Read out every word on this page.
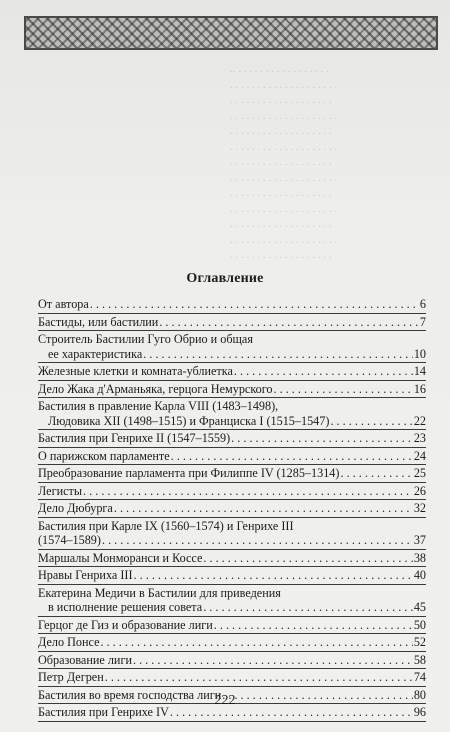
.. . . . . . . . . . . . . . . . . .
. . . . . . . . . . . . . . . . . . . .
. . . . . . . . . . . . . . . . . . .
. . . . . . . . . . . . . . . . . . . .
. . . . . . . . . . . . . . . . . . .
. . . . . . . . . . . . . . . . . . . .
. . . . . . . . . . . . . . . . . . .
. . . . . . . . . . . . . . . . . . . .
. . . . . . . . . . . . . . . . . . .
. . . . . . . . . . . . . . . . . . . .
. . . . . . . . . . . . . . . . . . .
. . . . . . . . . . . . . . . . . . . .
. . . . . . . . . . . . . . . . . . .
Оглавление
От автора . . .	6
Бастиды, или бастилии . . .	7
Строитель Бастилии Гуго Обрио и общая
ее характеристика . . .	10
Железные клетки и комната-ублиетка . . .	14
Дело Жака д'Арманьяка, герцога Немурского . . .	16
Бастилия в правление Карла VIII (1483–1498),
Людовика XII (1498–1515) и Франциска I (1515–1547) . . .	22
Бастилия при Генрихе II (1547–1559) . . .	23
О парижском парламенте . . .	24
Преобразование парламента при Филиппе IV (1285–1314) . . .	25
Легисты . . .	26
Дело Дюбурга . . .	32
Бастилия при Карле IX (1560–1574) и Генрихе III
(1574–1589) . . .	37
Маршалы Монморанси и Коссе . . .	38
Нравы Генриха III . . .	40
Екатерина Медичи в Бастилии для приведения
в исполнение решения совета . . .	45
Герцог де Гиз и образование лиги . . .	50
Дело Понсе . . .	52
Образование лиги . . .	58
Петр Дегрен . . .	74
Бастилия во время господства лиги . . .	80
Бастилия при Генрихе IV . . .	96
222
